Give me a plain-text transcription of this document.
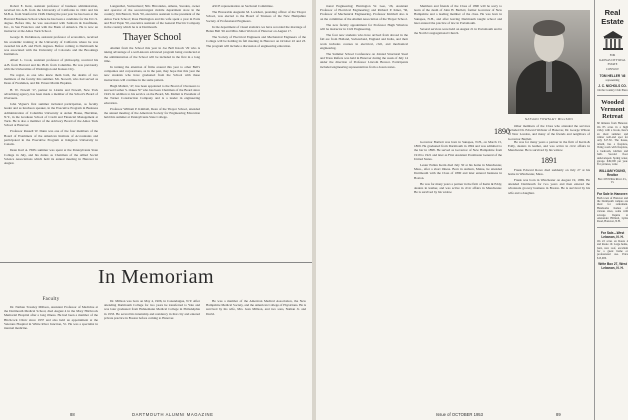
Robert E. Kent, assistant professor of business administration, received his A.B. from the University of California in 1941 and his M.B.A. from Stanford in 1948. During the past year he has been at the Harvard Business School where he has been a candidate for the D.C.S. degree. Before this, he was associated with Sanborn & Kaufmann, Inc., in San Francisco and with the Bank of America. He is now an instructor at the Amos Tuck School.

George D. Dobkinson, assistant professor of economics, received his academic training at the University of California where he was awarded his A.B. and Ph.D. degrees. Before coming to Dartmouth he was associated with the University of Colorado and the Brookings Institution.

Albert L. Cook, assistant professor of philosophy, received his A.B. from Harvard and his Ph.D. from Columbia. He was previously with the Universities of Washington and Kansas City.

We regret, as one who knew them both, the deaths of two members of the faculty this summer. Mr. Stowell, who had served as Dean of Freshmen, and Mr. Ernest Martin Hopkins.

H. W. Nowell '17, partner in Lirams and Nowell, New York advertising agency, has been made a member of the School's Board of Overseers.

John Vigner's first summer included participation, as faculty leader and as luncheon speaker, in the Executive Program in Business Administration of Columbia University at Arden House, Harriman, N.Y., in the Graduate School of Credit and Financial Management at Tuck. He is also a member of the Advisory Board of the Amos Tuck School at Hanover.

Professor Russell W. Dunn was one of the four members of the Board of Examiners of the American Institute of Accountants and participated in the Executive Program at Kingston University in Canada.

Dean Karl A. Hill's summer was spent at the Pennsylvania State College in July, and his duties as Chairman of the Allied Social Science Associations which held its annual meeting in Hanover in August.

Langenthal, Switzerland; Nils Hirronides, Athens, Sweden, owner and operator of the second-largest mobile department store in the country; Jim Barrett, Tuck '50, executive assistant to the president of the Amos Tuck School; Ross Harrington and his wife spent a year in Paris and Fred Yaple '50, executive assistant of the General Electric Company in the country which he is at Dartmouth.

Thayer School

Alumni from the School this year in Joe Bell Knoch '29 who is taking advantage of a well-known advanced program being conducted at the administration of the School will be included in the first in a long time.

In turning the attention of firms around this year to other Bell's companies and corporations, as in the past, they hope that this year the new students who have graduated from the School with these instructions will continue in the same pattern.

Hugh Mallett, '47, has been appointed to the Board of Overseers to succeed Luther S. Oakes '97 who has been Chairman of the Board since 1943. In addition to his service on the Board, Mr. Mallett is President of the Turner Construction Company and is a leader in engineering education.

Professor William P. Kimball, Dean of the Thayer School, attended the annual meeting of the American Society for Engineering Education held this summer at Pennsylvania State College.

ASCE representation on Sectional Committee.

The Honorable Augustin M. Lockhart, presiding officer of the Thayer School, was elected to the Board of Trustees of the New Hampshire Society of Professional Engineers.

In the department of visual statistics we have recorded the marriage of Helen Ball '26 and Miss Juliet Wolcott of Hanover on August 17.

The Society of Electrical Engineers and Mechanical Engineers of the College will be holding its fall meeting in Hanover on October 22 and 23. The program will include a discussion of engineering education.

In Memoriam
Faculty

Dr. Nathan Towsley Millson, Assistant Professor of Medicine at the Dartmouth Medical School, died August 4 in the Mary Hitchcock Memorial Hospital after a long illness. He had been a member of the Hitchcock Clinic since 1937 and also held an appointment at the Veterans Hospital in White River Junction, Vt. He was a specialist in internal medicine.

Dr. Millson was born on May 4, 1906, in Canandaigua, N.Y. After attending Dartmouth College for two years he transferred to Yale and was later graduated from Hahnemann Medical College in Philadelphia in 1933. He served his internship and residency in that city and entered private practice in Boston before coming to Hanover.

He was a member of the American Medical Association, the New Hampshire Medical Society, and the American College of Physicians. He is survived by his wife, Mrs. Jean Millson, and two sons, Nathan Jr. and David.

88	DARTMOUTH ALUMNI MAGAZINE

tional Engineering; Harrington W. Gee, '26, Assistant Professor of Electrical Engineering; and Richard P. Kiner, '36, Professor of Mechanical Engineering. Professor Kimball also is on the committee of the Alumni Association of the Thayer School.

The new faculty appointment for Professor Hugh Winslow will be instructor in Civil Engineering.

The four new students who have arrived from abroad in the fall are from Holland, Switzerland, England and India, and their work includes courses in electrical, civil, and mechanical engineering.

The Summer School Conference on Jointed Structural Steel and Truss Rafters was held in Hanover during the week of July 14 under the direction of Professor Lincoln Brewer. Participants included engineering representatives from a dozen states.

Members and friends of the Class of 1890 will be sorry to learn of the death of John H. Bartlett, former Governor of New Hampshire and a leading member of the class. He was born in Sunapee, N.H., and after leaving Dartmouth taught school and later entered the practice of law in Portsmouth.

Several services were held on August 21 in Portsmouth and in the North Congregational Church.

NATHAN TOWSLEY MILLSON
1890

Other members of the Class who attended the services included Dr. Edward Webster of Hanover, Dr. George Wilson of New London, and many of the friends and neighbors of Governor Bartlett.

Governor Bartlett was born in Sunapee, N.H., on March 15, 1869. He graduated from Dartmouth in 1894 and was admitted to the bar in 1898. He served as Governor of New Hampshire from 1919 to 1921 and later as First Assistant Postmaster General of the United States.

Lester Pullen Kerin died July 30 at his home in Manchester, Mass., after a short illness. Born in Auburn, Maine, he attended Dartmouth with the Class of 1890 and later entered business in Boston.

He was for many years a partner in the firm of Kerin & Eddy, dealers in leather, and was active in civic affairs in Manchester. He is survived by his widow.

He was for many years a partner in the firm of Kerin & Eddy, dealers in leather, and was active in civic affairs in Manchester. He is survived by his widow.

1891

Frank Edward Rowe died suddenly on July 27 at his home in Winchester, Mass.

Frank was born in Winchester on August 19, 1869. He attended Dartmouth for two years and then entered the wholesale grocery business in Boston. He is survived by his wife and a daughter.

Issue of OCTOBER 1953	89
Real Estate

FOR

KANSAS CITY REAL ESTATE

CONSULT

TOM HELLER '46

representing

J. C. NICHOLS CO.

On the Country Club Plaza

Wooded Vermont Retreat

60 minutes from Hanover. On 85 acres in a high valley with a brook, here's an ideal summer and winter well-and spot for only $17.50. The house, rebuilt, has a fireplace, living room with fireplace, a bedroom, kitchen and bath. Second floor undeveloped. Spring water, garage. $49,500 per year. For pictures, write

WILLIAM YOUNG, Realtor

Box 108 White River Jct., Vt.

For Sale In Hanover:

Both town of Hanover and the Dartmouth campus are ideal for retirement. Handsome homes of various sizes, some with acreage. Inquire at Alexander Hilliard, Lyme Road, Hanover, N.H.

For Sale—West Lebanon, N. H.

On 22 acres on Route 4 and Route 10. Large home, barn, new roof, excellent for a guest home or professional use. Price $15,000.

Write Box 27, West Lebanon, N. H.
